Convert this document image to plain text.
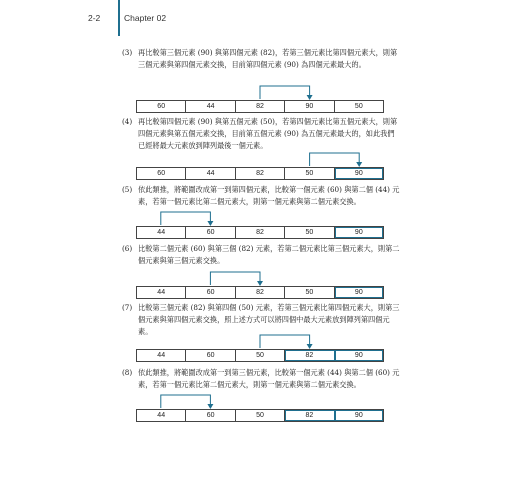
2-2	Chapter 02
(3) 再比較第三個元素 (90) 與第四個元素 (82)，若第三個元素比第四個元素大，則第三個元素與第四個元素交換，目前第四個元素 (90) 為四個元素最大的。
60	44	82	90	50
(4) 再比較第四個元素 (90) 與第五個元素 (50)，若第四個元素比第五個元素大，則第四個元素與第五個元素交換，目前第五個元素 (90) 為五個元素最大的，如此我們已經將最大元素放到陣列最後一個元素。
60	44	82	50	90
(5) 依此類推，將範圍改成第一到第四個元素，比較第一個元素 (60) 與第二個 (44) 元素，若第一個元素比第二個元素大，則第一個元素與第二個元素交換。
44	60	82	50	90
(6) 比較第二個元素 (60) 與第三個 (82) 元素，若第二個元素比第三個元素大，則第二個元素與第三個元素交換。
44	60	82	50	90
(7) 比較第三個元素 (82) 與第四個 (50) 元素，若第三個元素比第四個元素大，則第三個元素與第四個元素交換，照上述方式可以將四個中最大元素放到陣列第四個元素。
44	60	50	82	90
(8) 依此類推，將範圍改成第一到第三個元素，比較第一個元素 (44) 與第二個 (60) 元素，若第一個元素比第二個元素大，則第一個元素與第二個元素交換。
44	60	50	82	90
